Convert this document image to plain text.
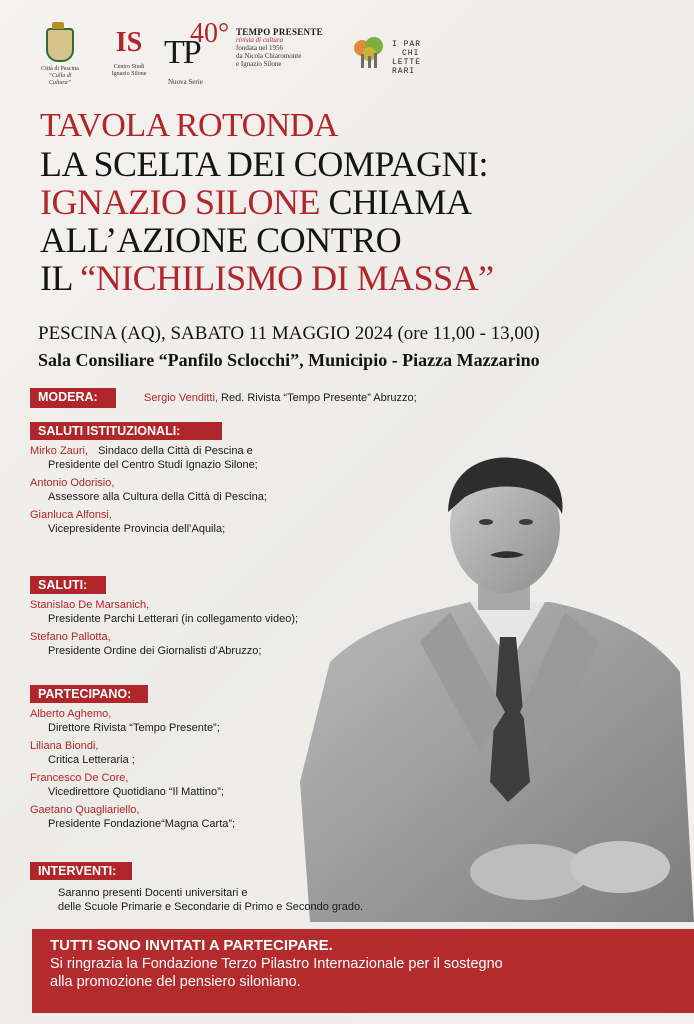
Città di Pescina
“Culla di Cultura”
IS
Centro Studi
Ignazio Silone
40°
TP
Nuova Serie
TEMPO PRESENTE
rivista di cultura
fondata nel 1956
da Nicola Chiaromonte
e Ignazio Silone
I PAR
CHI
LETTE
RARI
TAVOLA ROTONDA
LA SCELTA DEI COMPAGNI:
IGNAZIO SILONE CHIAMA
ALL’AZIONE CONTRO
IL “NICHILISMO DI MASSA”
PESCINA (AQ), SABATO 11 MAGGIO 2024 (ore 11,00 - 13,00)
Sala Consiliare “Panfilo Sclocchi”, Municipio - Piazza Mazzarino
MODERA:	Sergio Venditti, Red. Rivista “Tempo Presente” Abruzzo;
SALUTI ISTITUZIONALI:
Mirko Zauri, Sindaco della Città di Pescina e
Presidente del Centro Studi Ignazio Silone;
Antonio Odorisio,
Assessore alla Cultura della Città di Pescina;
Gianluca Alfonsi,
Vicepresidente Provincia dell’Aquila;
SALUTI:
Stanislao De Marsanich,
Presidente Parchi Letterari (in collegamento video);
Stefano Pallotta,
Presidente Ordine dei Giornalisti d’Abruzzo;
PARTECIPANO:
Alberto Aghemo,
Direttore Rivista “Tempo Presente”;
Liliana Biondi,
Critica Letteraria ;
Francesco De Core,
Vicedirettore Quotidiano “Il Mattino”;
Gaetano Quagliariello,
Presidente Fondazione“Magna Carta”;
INTERVENTI:
Saranno presenti Docenti universitari e
delle Scuole Primarie e Secondarie di Primo e Secondo grado.
TUTTI SONO INVITATI A PARTECIPARE.
Si ringrazia la Fondazione Terzo Pilastro Internazionale per il sostegno
alla promozione del pensiero siloniano.
